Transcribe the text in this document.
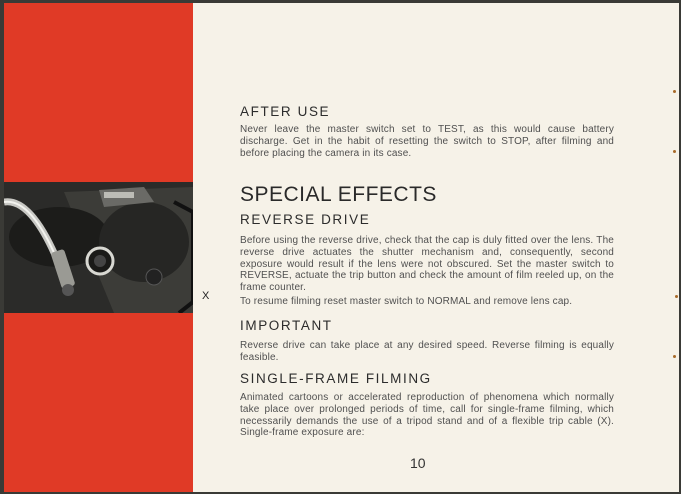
X
AFTER USE

Never leave the master switch set to TEST, as this would cause battery discharge. Get in the habit of resetting the switch to STOP, after filming and before placing the camera in its case.

SPECIAL EFFECTS
REVERSE DRIVE

Before using the reverse drive, check that the cap is duly fitted over the lens. The reverse drive actuates the shutter mechanism and, consequently, second exposure would result if the lens were not obscured. Set the master switch to REVERSE, actuate the trip button and check the amount of film reeled up, on the frame counter.

To resume filming reset master switch to NORMAL and remove lens cap.

IMPORTANT

Reverse drive can take place at any desired speed. Reverse filming is equally feasible.

SINGLE-FRAME FILMING

Animated cartoons or accelerated reproduction of phenomena which normally take place over prolonged periods of time, call for single-frame filming, which necessarily demands the use of a tripod stand and of a flexible trip cable (X). Single-frame exposure are:

10
